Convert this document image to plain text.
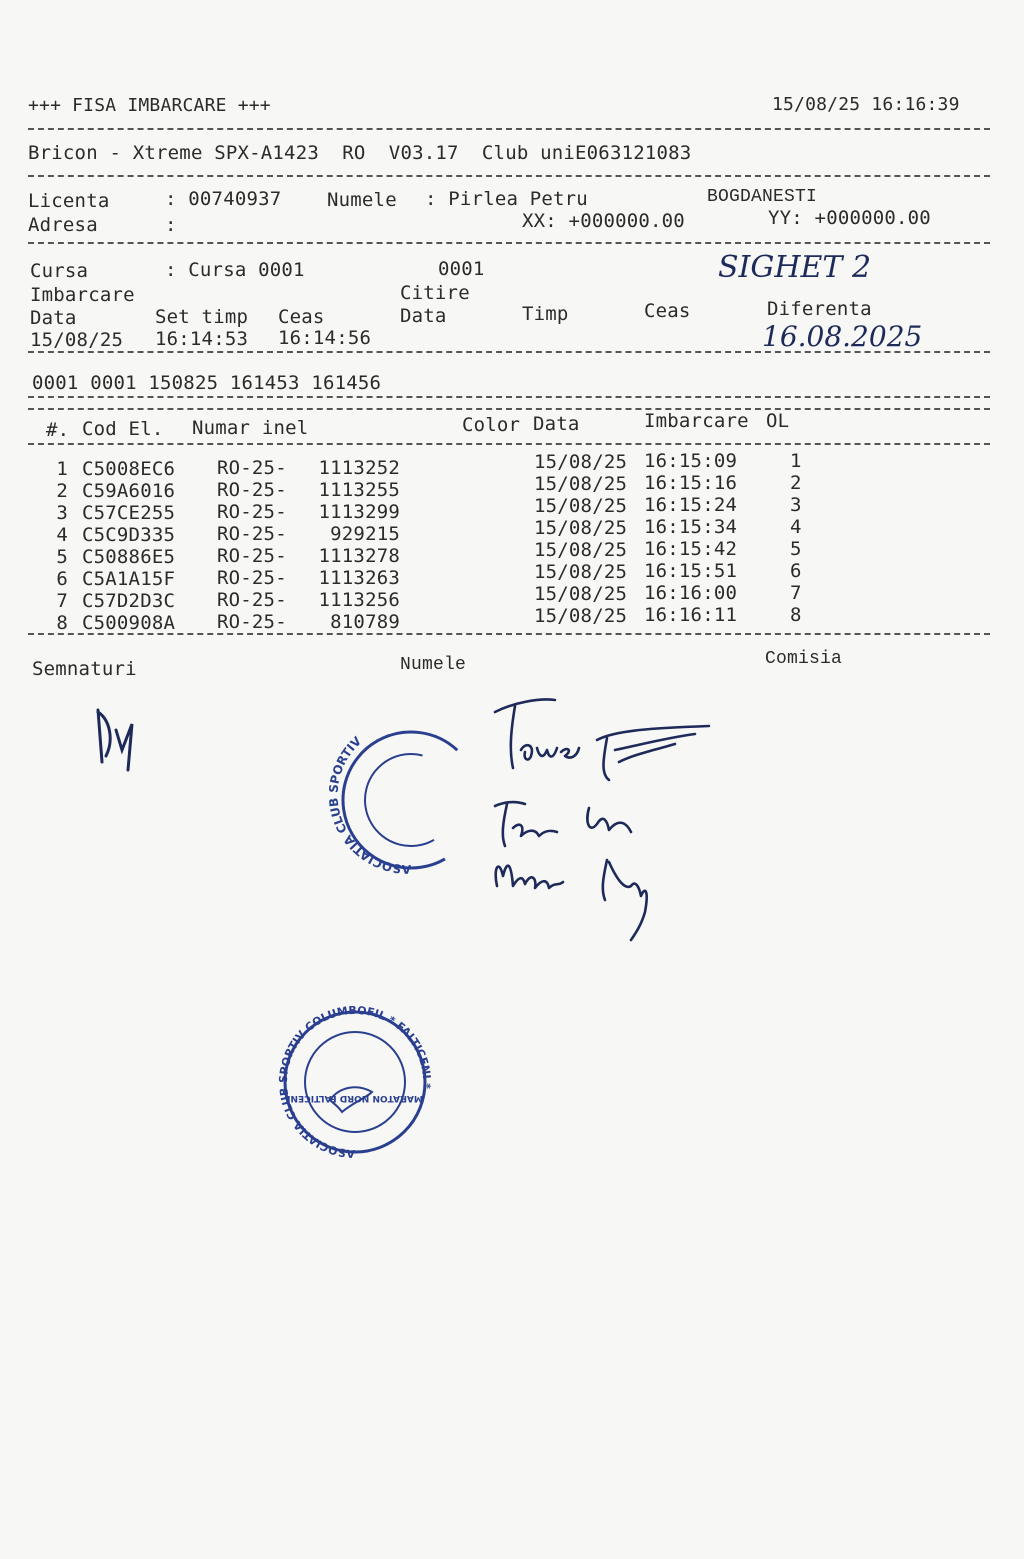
+++ FISA IMBARCARE +++	15/08/25 16:16:39
Bricon - Xtreme SPX-A1423  RO  V03.17  Club uniE063121083
Licenta	: 00740937 Numele : Pirlea Petru	BOGDANESTI
Adresa	:	XX: +000000.00	YY: +000000.00
Cursa	: Cursa 0001	0001	SIGHET 2
Imbarcare	Citire
Data	Set timp Ceas	Data	Timp	Ceas	Diferenta
15/08/25 16:14:53 16:14:56	16.08.2025
0001 0001 150825 161453 161456
#. Cod El. Numar inel	Color Data	Imbarcare OL
1 C5008EC6 RO-25-	1113252	15/08/25 16:15:09	1
2 C59A6016 RO-25-	1113255	15/08/25 16:15:16	2
3 C57CE255 RO-25-	1113299	15/08/25 16:15:24	3
4 C5C9D335 RO-25-	929215	15/08/25 16:15:34	4
5 C50886E5 RO-25-	1113278	15/08/25 16:15:42	5
6 C5A1A15F RO-25-	1113263	15/08/25 16:15:51	6
7 C57D2D3C RO-25-	1113256	15/08/25 16:16:00	7
8 C500908A RO-25-	810789	15/08/25 16:16:11	8
Semnaturi	Numele	Comisia
ASOCIATIA CLUB SPORTIV
ASOCIATIA CLUB SPORTIV COLUMBOFIL * FALTICENI *
MARATON NORD FALTICENI
